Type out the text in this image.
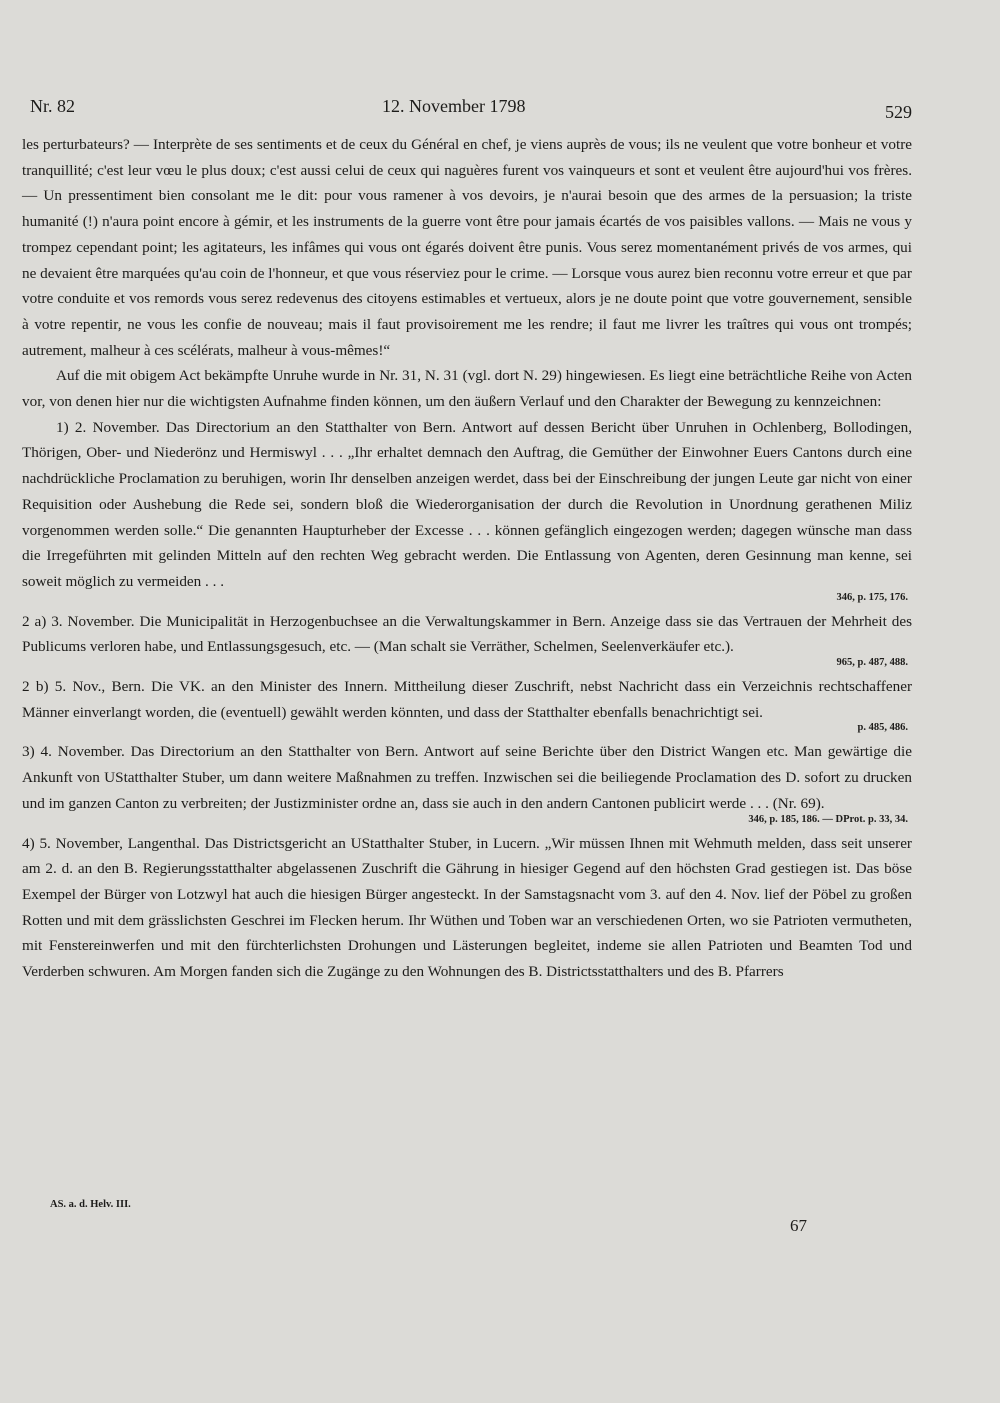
Nr. 82	12. November 1798	529

les perturbateurs? — Interprète de ses sentiments et de ceux du Général en chef, je viens auprès de vous; ils ne veulent que votre bonheur et votre tranquillité; c'est leur vœu le plus doux; c'est aussi celui de ceux qui naguères furent vos vainqueurs et sont et veulent être aujourd'hui vos frères. — Un pressentiment bien consolant me le dit: pour vous ramener à vos devoirs, je n'aurai besoin que des armes de la persuasion; la triste humanité (!) n'aura point encore à gémir, et les instruments de la guerre vont être pour jamais écartés de vos paisibles vallons. — Mais ne vous y trompez cependant point; les agitateurs, les infâmes qui vous ont égarés doivent être punis. Vous serez momentanément privés de vos armes, qui ne devaient être marquées qu'au coin de l'honneur, et que vous réserviez pour le crime. — Lorsque vous aurez bien reconnu votre erreur et que par votre conduite et vos remords vous serez redevenus des citoyens estimables et vertueux, alors je ne doute point que votre gouvernement, sensible à votre repentir, ne vous les confie de nouveau; mais il faut provisoirement me les rendre; il faut me livrer les traîtres qui vous ont trompés; autrement, malheur à ces scélérats, malheur à vous-mêmes!“

Auf die mit obigem Act bekämpfte Unruhe wurde in Nr. 31, N. 31 (vgl. dort N. 29) hingewiesen. Es liegt eine beträchtliche Reihe von Acten vor, von denen hier nur die wichtigsten Aufnahme finden können, um den äußern Verlauf und den Charakter der Bewegung zu kennzeichnen:

1) 2. November. Das Directorium an den Statthalter von Bern. Antwort auf dessen Bericht über Unruhen in Ochlenberg, Bollodingen, Thörigen, Ober- und Niederönz und Hermiswyl . . . „Ihr erhaltet demnach den Auftrag, die Gemüther der Einwohner Euers Cantons durch eine nachdrückliche Proclamation zu beruhigen, worin Ihr denselben anzeigen werdet, dass bei der Einschreibung der jungen Leute gar nicht von einer Requisition oder Aushebung die Rede sei, sondern bloß die Wiederorganisation der durch die Revolution in Unordnung gerathenen Miliz vorgenommen werden solle.“ Die genannten Haupturheber der Excesse . . . können gefänglich eingezogen werden; dagegen wünsche man dass die Irregeführten mit gelinden Mitteln auf den rechten Weg gebracht werden. Die Entlassung von Agenten, deren Gesinnung man kenne, sei soweit möglich zu vermeiden . . .

346, p. 175, 176.

2 a) 3. November. Die Municipalität in Herzogenbuchsee an die Verwaltungskammer in Bern. Anzeige dass sie das Vertrauen der Mehrheit des Publicums verloren habe, und Entlassungsgesuch, etc. — (Man schalt sie Verräther, Schelmen, Seelenverkäufer etc.).

965, p. 487, 488.

2 b) 5. Nov., Bern. Die VK. an den Minister des Innern. Mittheilung dieser Zuschrift, nebst Nachricht dass ein Verzeichnis rechtschaffener Männer einverlangt worden, die (eventuell) gewählt werden könnten, und dass der Statthalter ebenfalls benachrichtigt sei.

p. 485, 486.

3) 4. November. Das Directorium an den Statthalter von Bern. Antwort auf seine Berichte über den District Wangen etc. Man gewärtige die Ankunft von UStatthalter Stuber, um dann weitere Maßnahmen zu treffen. Inzwischen sei die beiliegende Proclamation des D. sofort zu drucken und im ganzen Canton zu verbreiten; der Justizminister ordne an, dass sie auch in den andern Cantonen publicirt werde . . . (Nr. 69).

346, p. 185, 186. — DProt. p. 33, 34.

4) 5. November, Langenthal. Das Districtsgericht an UStatthalter Stuber, in Lucern. „Wir müssen Ihnen mit Wehmuth melden, dass seit unserer am 2. d. an den B. Regierungsstatthalter abgelassenen Zuschrift die Gährung in hiesiger Gegend auf den höchsten Grad gestiegen ist. Das böse Exempel der Bürger von Lotzwyl hat auch die hiesigen Bürger angesteckt. In der Samstagsnacht vom 3. auf den 4. Nov. lief der Pöbel zu großen Rotten und mit dem grässlichsten Geschrei im Flecken herum. Ihr Wüthen und Toben war an verschiedenen Orten, wo sie Patrioten vermutheten, mit Fenstereinwerfen und mit den fürchterlichsten Drohungen und Lästerungen begleitet, indeme sie allen Patrioten und Beamten Tod und Verderben schwuren. Am Morgen fanden sich die Zugänge zu den Wohnungen des B. Districtsstatthalters und des B. Pfarrers

AS. a. d. Helv. III.
67
